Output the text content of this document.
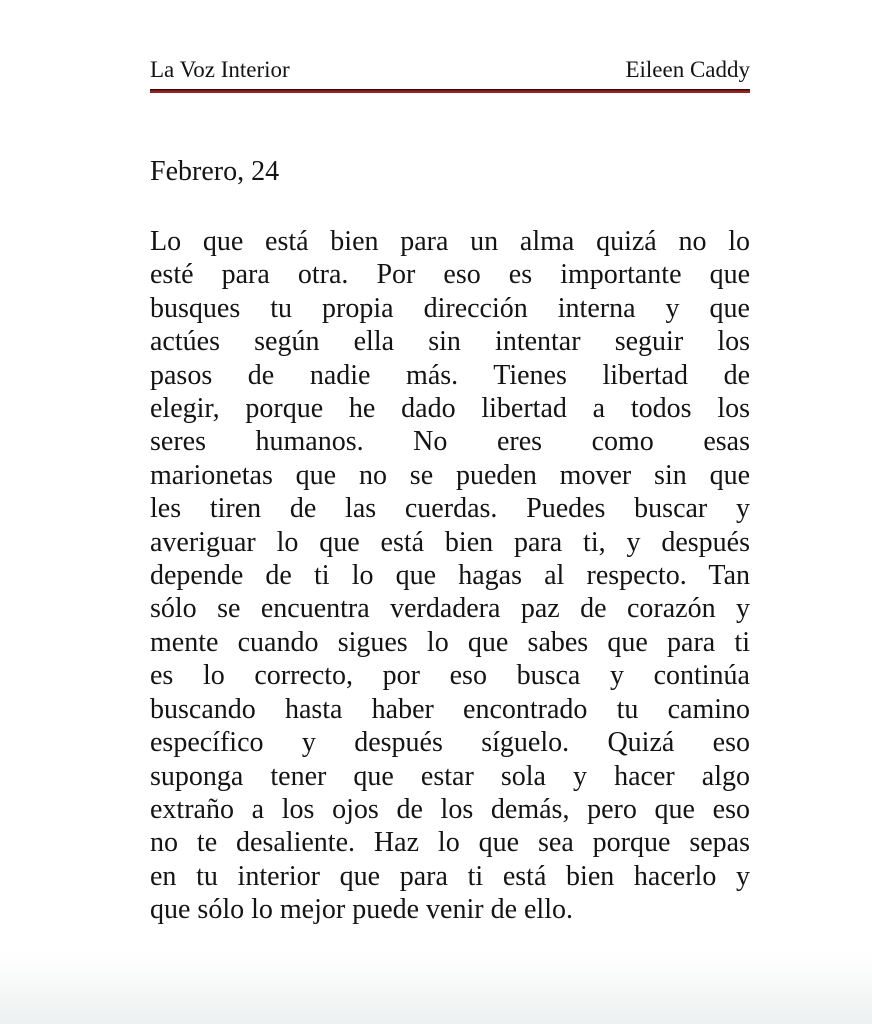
La Voz Interior	Eileen Caddy
Febrero, 24
Lo que está bien para un alma quizá no lo
esté para otra. Por eso es importante que
busques tu propia dirección interna y que
actúes según ella sin intentar seguir los
pasos de nadie más. Tienes libertad de
elegir, porque he dado libertad a todos los
seres humanos. No eres como esas
marionetas que no se pueden mover sin que
les tiren de las cuerdas. Puedes buscar y
averiguar lo que está bien para ti, y después
depende de ti lo que hagas al respecto. Tan
sólo se encuentra verdadera paz de corazón y
mente cuando sigues lo que sabes que para ti
es lo correcto, por eso busca y continúa
buscando hasta haber encontrado tu camino
específico y después síguelo. Quizá eso
suponga tener que estar sola y hacer algo
extraño a los ojos de los demás, pero que eso
no te desaliente. Haz lo que sea porque sepas
en tu interior que para ti está bien hacerlo y
que sólo lo mejor puede venir de ello.
